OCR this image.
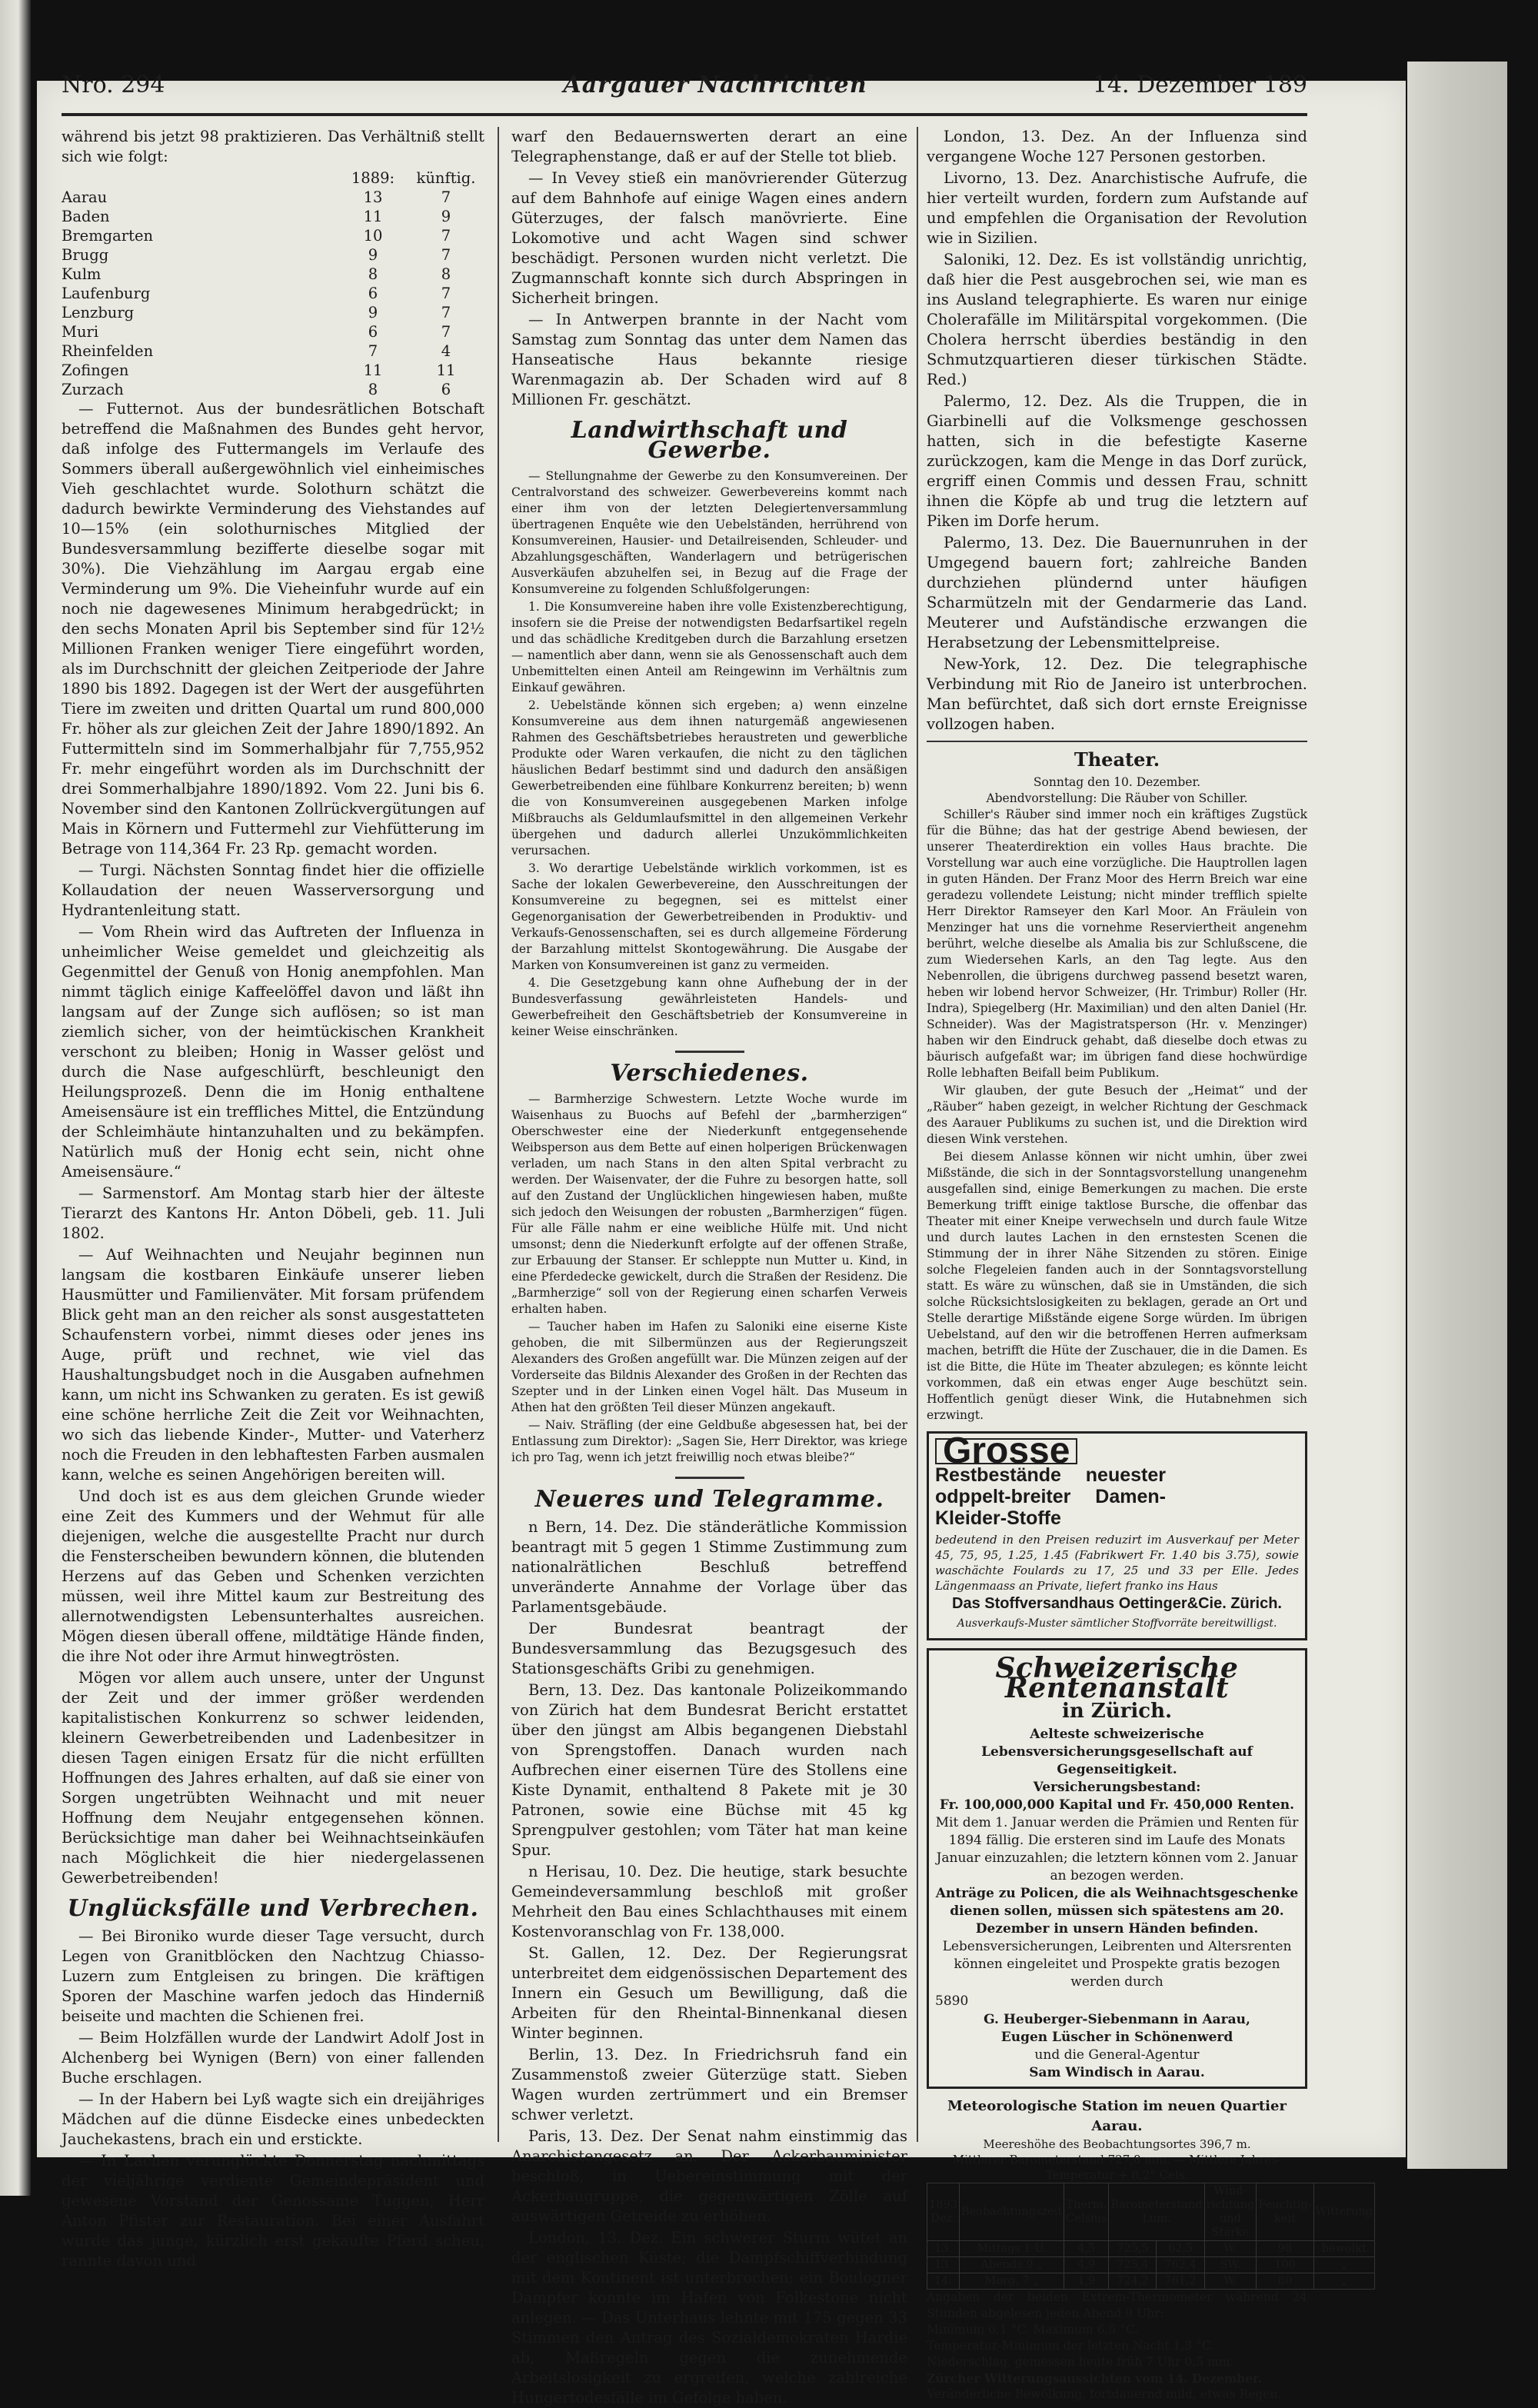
Nro. 294	Aargauer Nachrichten	14. Dezember 189

während bis jetzt 98 praktizieren. Das Verhältniß stellt sich wie folgt:

	1889:	künftig.
Aarau	13	7
Baden	11	9
Bremgarten	10	7
Brugg	9	7
Kulm	8	8
Laufenburg	6	7
Lenzburg	9	7
Muri	6	7
Rheinfelden	7	4
Zofingen	11	11
Zurzach	8	6

— Futternot. Aus der bundesrätlichen Botschaft betreffend die Maßnahmen des Bundes geht hervor, daß infolge des Futtermangels im Verlaufe des Sommers überall außergewöhnlich viel einheimisches Vieh geschlachtet wurde. Solothurn schätzt die dadurch bewirkte Verminderung des Viehstandes auf 10—15% (ein solothurnisches Mitglied der Bundesversammlung bezifferte dieselbe sogar mit 30%). Die Viehzählung im Aargau ergab eine Verminderung um 9%. Die Vieheinfuhr wurde auf ein noch nie dagewesenes Minimum herabgedrückt; in den sechs Monaten April bis September sind für 12½ Millionen Franken weniger Tiere eingeführt worden, als im Durchschnitt der gleichen Zeitperiode der Jahre 1890 bis 1892. Dagegen ist der Wert der ausgeführten Tiere im zweiten und dritten Quartal um rund 800,000 Fr. höher als zur gleichen Zeit der Jahre 1890/1892. An Futtermitteln sind im Sommerhalbjahr für 7,755,952 Fr. mehr eingeführt worden als im Durchschnitt der drei Sommerhalbjahre 1890/1892. Vom 22. Juni bis 6. November sind den Kantonen Zollrückvergütungen auf Mais in Körnern und Futtermehl zur Viehfütterung im Betrage von 114,364 Fr. 23 Rp. gemacht worden.

— Turgi. Nächsten Sonntag findet hier die offizielle Kollaudation der neuen Wasserversorgung und Hydrantenleitung statt.

— Vom Rhein wird das Auftreten der Influenza in unheimlicher Weise gemeldet und gleichzeitig als Gegenmittel der Genuß von Honig anempfohlen. Man nimmt täglich einige Kaffeelöffel davon und läßt ihn langsam auf der Zunge sich auflösen; so ist man ziemlich sicher, von der heimtückischen Krankheit verschont zu bleiben; Honig in Wasser gelöst und durch die Nase aufgeschlürft, beschleunigt den Heilungsprozeß. Denn die im Honig enthaltene Ameisensäure ist ein treffliches Mittel, die Entzündung der Schleimhäute hintanzuhalten und zu bekämpfen. Natürlich muß der Honig echt sein, nicht ohne Ameisensäure.“

— Sarmenstorf. Am Montag starb hier der älteste Tierarzt des Kantons Hr. Anton Döbeli, geb. 11. Juli 1802.

— Auf Weihnachten und Neujahr beginnen nun langsam die kostbaren Einkäufe unserer lieben Hausmütter und Familienväter. Mit forsam prüfendem Blick geht man an den reicher als sonst ausgestatteten Schaufenstern vorbei, nimmt dieses oder jenes ins Auge, prüft und rechnet, wie viel das Haushaltungsbudget noch in die Ausgaben aufnehmen kann, um nicht ins Schwanken zu geraten. Es ist gewiß eine schöne herrliche Zeit die Zeit vor Weihnachten, wo sich das liebende Kinder-, Mutter- und Vaterherz noch die Freuden in den lebhaftesten Farben ausmalen kann, welche es seinen Angehörigen bereiten will.

Und doch ist es aus dem gleichen Grunde wieder eine Zeit des Kummers und der Wehmut für alle diejenigen, welche die ausgestellte Pracht nur durch die Fensterscheiben bewundern können, die blutenden Herzens auf das Geben und Schenken verzichten müssen, weil ihre Mittel kaum zur Bestreitung des allernotwendigsten Lebensunterhaltes ausreichen. Mögen diesen überall offene, mildtätige Hände finden, die ihre Not oder ihre Armut hinwegtrösten.

Mögen vor allem auch unsere, unter der Ungunst der Zeit und der immer größer werdenden kapitalistischen Konkurrenz so schwer leidenden, kleinern Gewerbetreibenden und Ladenbesitzer in diesen Tagen einigen Ersatz für die nicht erfüllten Hoffnungen des Jahres erhalten, auf daß sie einer von Sorgen ungetrübten Weihnacht und mit neuer Hoffnung dem Neujahr entgegensehen können. Berücksichtige man daher bei Weihnachtseinkäufen nach Möglichkeit die hier niedergelassenen Gewerbetreibenden!

Unglücksfälle und Verbrechen.

— Bei Bironiko wurde dieser Tage versucht, durch Legen von Granitblöcken den Nachtzug Chiasso-Luzern zum Entgleisen zu bringen. Die kräftigen Sporen der Maschine warfen jedoch das Hinderniß beiseite und machten die Schienen frei.

— Beim Holzfällen wurde der Landwirt Adolf Jost in Alchenberg bei Wynigen (Bern) von einer fallenden Buche erschlagen.

— In der Habern bei Lyß wagte sich ein dreijähriges Mädchen auf die dünne Eisdecke eines unbedeckten Jauchekastens, brach ein und erstickte.

— In Lachen verunglückte Donnerstag nachmittags der vieljährige verdiente Gemeindepräsident und gewesene Vorstand der Genossame Tuggen, Herr Anton Pfister zur Restauration. Bei einer Ausfahrt wurde das junge, kürzlich erst gekaufte Pferd scheu, rannte davon und

warf den Bedauernswerten derart an eine Telegraphenstange, daß er auf der Stelle tot blieb.

— In Vevey stieß ein manövrierender Güterzug auf dem Bahnhofe auf einige Wagen eines andern Güterzuges, der falsch manövrierte. Eine Lokomotive und acht Wagen sind schwer beschädigt. Personen wurden nicht verletzt. Die Zugmannschaft konnte sich durch Abspringen in Sicherheit bringen.

— In Antwerpen brannte in der Nacht vom Samstag zum Sonntag das unter dem Namen das Hanseatische Haus bekannte riesige Warenmagazin ab. Der Schaden wird auf 8 Millionen Fr. geschätzt.

Landwirthschaft und Gewerbe.

— Stellungnahme der Gewerbe zu den Konsumvereinen. Der Centralvorstand des schweizer. Gewerbevereins kommt nach einer ihm von der letzten Delegiertenversammlung übertragenen Enquête wie den Uebelständen, herrührend von Konsumvereinen, Hausier- und Detailreisenden, Schleuder- und Abzahlungsgeschäften, Wanderlagern und betrügerischen Ausverkäufen abzuhelfen sei, in Bezug auf die Frage der Konsumvereine zu folgenden Schlußfolgerungen:

1. Die Konsumvereine haben ihre volle Existenzberechtigung, insofern sie die Preise der notwendigsten Bedarfsartikel regeln und das schädliche Kreditgeben durch die Barzahlung ersetzen — namentlich aber dann, wenn sie als Genossenschaft auch dem Unbemittelten einen Anteil am Reingewinn im Verhältnis zum Einkauf gewähren.

2. Uebelstände können sich ergeben; a) wenn einzelne Konsumvereine aus dem ihnen naturgemäß angewiesenen Rahmen des Geschäftsbetriebes heraustreten und gewerbliche Produkte oder Waren verkaufen, die nicht zu den täglichen häuslichen Bedarf bestimmt sind und dadurch den ansäßigen Gewerbetreibenden eine fühlbare Konkurrenz bereiten; b) wenn die von Konsumvereinen ausgegebenen Marken infolge Mißbrauchs als Geldumlaufsmittel in den allgemeinen Verkehr übergehen und dadurch allerlei Unzukömmlichkeiten verursachen.

3. Wo derartige Uebelstände wirklich vorkommen, ist es Sache der lokalen Gewerbevereine, den Ausschreitungen der Konsumvereine zu begegnen, sei es mittelst einer Gegenorganisation der Gewerbetreibenden in Produktiv- und Verkaufs-Genossenschaften, sei es durch allgemeine Förderung der Barzahlung mittelst Skontogewährung. Die Ausgabe der Marken von Konsumvereinen ist ganz zu vermeiden.

4. Die Gesetzgebung kann ohne Aufhebung der in der Bundesverfassung gewährleisteten Handels- und Gewerbefreiheit den Geschäftsbetrieb der Konsumvereine in keiner Weise einschränken.

Verschiedenes.

— Barmherzige Schwestern. Letzte Woche wurde im Waisenhaus zu Buochs auf Befehl der „barmherzigen“ Oberschwester eine der Niederkunft entgegensehende Weibsperson aus dem Bette auf einen holperigen Brückenwagen verladen, um nach Stans in den alten Spital verbracht zu werden. Der Waisenvater, der die Fuhre zu besorgen hatte, soll auf den Zustand der Unglücklichen hingewiesen haben, mußte sich jedoch den Weisungen der robusten „Barmherzigen“ fügen. Für alle Fälle nahm er eine weibliche Hülfe mit. Und nicht umsonst; denn die Niederkunft erfolgte auf der offenen Straße, zur Erbauung der Stanser. Er schleppte nun Mutter u. Kind, in eine Pferdedecke gewickelt, durch die Straßen der Residenz. Die „Barmherzige“ soll von der Regierung einen scharfen Verweis erhalten haben.

— Taucher haben im Hafen zu Saloniki eine eiserne Kiste gehoben, die mit Silbermünzen aus der Regierungszeit Alexanders des Großen angefüllt war. Die Münzen zeigen auf der Vorderseite das Bildnis Alexander des Großen in der Rechten das Szepter und in der Linken einen Vogel hält. Das Museum in Athen hat den größten Teil dieser Münzen angekauft.

— Naiv. Sträfling (der eine Geldbuße abgesessen hat, bei der Entlassung zum Direktor): „Sagen Sie, Herr Direktor, was kriege ich pro Tag, wenn ich jetzt freiwillig noch etwas bleibe?“

Neueres und Telegramme.

n Bern, 14. Dez. Die ständerätliche Kommission beantragt mit 5 gegen 1 Stimme Zustimmung zum nationalrätlichen Beschluß betreffend unveränderte Annahme der Vorlage über das Parlamentsgebäude.

Der Bundesrat beantragt der Bundesversammlung das Bezugsgesuch des Stationsgeschäfts Gribi zu genehmigen.

Bern, 13. Dez. Das kantonale Polizeikommando von Zürich hat dem Bundesrat Bericht erstattet über den jüngst am Albis begangenen Diebstahl von Sprengstoffen. Danach wurden nach Aufbrechen einer eisernen Türe des Stollens eine Kiste Dynamit, enthaltend 8 Pakete mit je 30 Patronen, sowie eine Büchse mit 45 kg Sprengpulver gestohlen; vom Täter hat man keine Spur.

n Herisau, 10. Dez. Die heutige, stark besuchte Gemeindeversammlung beschloß mit großer Mehrheit den Bau eines Schlachthauses mit einem Kostenvoranschlag von Fr. 138,000.

St. Gallen, 12. Dez. Der Regierungsrat unterbreitet dem eidgenössischen Departement des Innern ein Gesuch um Bewilligung, daß die Arbeiten für den Rheintal-Binnenkanal diesen Winter beginnen.

Berlin, 13. Dez. In Friedrichsruh fand ein Zusammenstoß zweier Güterzüge statt. Sieben Wagen wurden zertrümmert und ein Bremser schwer verletzt.

Paris, 13. Dez. Der Senat nahm einstimmig das Anarchistengesetz an. Der Ackerbauminister beschloß, in Uebereinstimmung mit der Ackerbaugruppe, die gegenwärtigen Zölle auf auswärtigen Getreide zu erhöhen.

London, 13. Dez. Ein schwerer Sturm wütet an der englischen Küste; die Dampfschiffverbindung mit dem Kontinent ist unterbrochen; ein Boulogner Dampfer konnte im Hafen von Folkestone nicht anlegen. — Das Unterhaus lehnte mit 175 gegen 33 Stimmen den Antrag des Sozialdemokraten Hardie ab, Maßregeln gegen die zunehmende Arbeitslosigkeit zu ergreifen, welche zahlreiche Hungertodesfälle im Gefolge haben.

London, 13. Dez. An der Influenza sind vergangene Woche 127 Personen gestorben.

Livorno, 13. Dez. Anarchistische Aufrufe, die hier verteilt wurden, fordern zum Aufstande auf und empfehlen die Organisation der Revolution wie in Sizilien.

Saloniki, 12. Dez. Es ist vollständig unrichtig, daß hier die Pest ausgebrochen sei, wie man es ins Ausland telegraphierte. Es waren nur einige Cholerafälle im Militärspital vorgekommen. (Die Cholera herrscht überdies beständig in den Schmutzquartieren dieser türkischen Städte. Red.)

Palermo, 12. Dez. Als die Truppen, die in Giarbinelli auf die Volksmenge geschossen hatten, sich in die befestigte Kaserne zurückzogen, kam die Menge in das Dorf zurück, ergriff einen Commis und dessen Frau, schnitt ihnen die Köpfe ab und trug die letztern auf Piken im Dorfe herum.

Palermo, 13. Dez. Die Bauernunruhen in der Umgegend bauern fort; zahlreiche Banden durchziehen plündernd unter häufigen Scharmützeln mit der Gendarmerie das Land. Meuterer und Aufständische erzwangen die Herabsetzung der Lebensmittelpreise.

New-York, 12. Dez. Die telegraphische Verbindung mit Rio de Janeiro ist unterbrochen. Man befürchtet, daß sich dort ernste Ereignisse vollzogen haben.

Theater.
Sonntag den 10. Dezember.
Abendvorstellung: Die Räuber von Schiller.

Schiller's Räuber sind immer noch ein kräftiges Zugstück für die Bühne; das hat der gestrige Abend bewiesen, der unserer Theaterdirektion ein volles Haus brachte. Die Vorstellung war auch eine vorzügliche. Die Hauptrollen lagen in guten Händen. Der Franz Moor des Herrn Breich war eine geradezu vollendete Leistung; nicht minder trefflich spielte Herr Direktor Ramseyer den Karl Moor. An Fräulein von Menzinger hat uns die vornehme Reserviertheit angenehm berührt, welche dieselbe als Amalia bis zur Schlußscene, die zum Wiedersehen Karls, an den Tag legte. Aus den Nebenrollen, die übrigens durchweg passend besetzt waren, heben wir lobend hervor Schweizer, (Hr. Trimbur) Roller (Hr. Indra), Spiegelberg (Hr. Maximilian) und den alten Daniel (Hr. Schneider). Was der Magistratsperson (Hr. v. Menzinger) haben wir den Eindruck gehabt, daß dieselbe doch etwas zu bäurisch aufgefaßt war; im übrigen fand diese hochwürdige Rolle lebhaften Beifall beim Publikum.

Wir glauben, der gute Besuch der „Heimat“ und der „Räuber“ haben gezeigt, in welcher Richtung der Geschmack des Aarauer Publikums zu suchen ist, und die Direktion wird diesen Wink verstehen.

Bei diesem Anlasse können wir nicht umhin, über zwei Mißstände, die sich in der Sonntagsvorstellung unangenehm ausgefallen sind, einige Bemerkungen zu machen. Die erste Bemerkung trifft einige taktlose Bursche, die offenbar das Theater mit einer Kneipe verwechseln und durch faule Witze und durch lautes Lachen in den ernstesten Scenen die Stimmung der in ihrer Nähe Sitzenden zu stören. Einige solche Flegeleien fanden auch in der Sonntagsvorstellung statt. Es wäre zu wünschen, daß sie in Umständen, die sich solche Rücksichtslosigkeiten zu beklagen, gerade an Ort und Stelle derartige Mißstände eigene Sorge würden. Im übrigen Uebelstand, auf den wir die betroffenen Herren aufmerksam machen, betrifft die Hüte der Zuschauer, die in die Damen. Es ist die Bitte, die Hüte im Theater abzulegen; es könnte leicht vorkommen, daß ein etwas enger Auge beschützt sein. Hoffentlich genügt dieser Wink, die Hutabnehmen sich erzwingt.

GrosseRestbestände neuester odppelt-breiter Damen-Kleider-Stoffe
bedeutend in den Preisen reduzirt im Ausverkauf per Meter 45, 75, 95, 1.25, 1.45 (Fabrikwert Fr. 1.40 bis 3.75), sowie waschächte Foulards zu 17, 25 und 33 per Elle. Jedes Längenmaass an Private, liefert franko ins Haus
Das Stoffversandhaus Oettinger&Cie. Zürich.
Ausverkaufs-Muster sämtlicher Stoffvorräte bereitwilligst.
Schweizerische Rentenanstalt
in Zürich.
Aelteste schweizerische Lebensversicherungsgesellschaft auf Gegenseitigkeit.
Versicherungsbestand:
Fr. 100,000,000 Kapital und Fr. 450,000 Renten.
Mit dem 1. Januar werden die Prämien und Renten für 1894 fällig. Die ersteren sind im Laufe des Monats Januar einzuzahlen; die letztern können vom 2. Januar an bezogen werden.
Anträge zu Policen, die als Weihnachtsgeschenke dienen sollen, müssen sich spätestens am 20. Dezember in unsern Händen befinden.
Lebensversicherungen, Leibrenten und Altersrenten können eingeleitet und Prospekte gratis bezogen werden durch
5890
G. Heuberger-Siebenmann in Aarau,
Eugen Lüscher in Schönenwerd
und die General-Agentur
Sam Windisch in Aarau.
Meteorologische Station im neuen Quartier Aarau.
Meereshöhe des Beobachtungsortes 396,7 m.
Mittlerer Barometerstand 727,8 mm. — Mittlere Jahres-Temperatur + 8,2° Cels.
1893 Dez.	Beobachtungszeit	Therm. Celsius	Barometerstand Lum.		Wind-richtung und Stärke	Feuchtig-keit	Witterung
13.	Mittags 1 U.	4,5	725,5	62,5	W.	98	bewölkt
13.	Abends 9 „	4,9	725,4	762,4	SW.	100	„
14.	Morg. 7 „	1,9	724,2	761,2	W.	80	„
Angaben der beiden Extrem-Thermometer während 24 Stunden abgelesen jeden Abend 9 Uhr:
Minimum 0,1 °C. Maximum 6,5 °C.
Temperatur-Minimum der letzten Nacht 1,3 °C.
Niederschlag, gemessen heute früh 7 Uhr 0,5 mm.
Zürcher Witterungsaussichten vom 14. Dezember.
Veränderliche Bewölkung, fortdauernd mild, etwas Regen.
